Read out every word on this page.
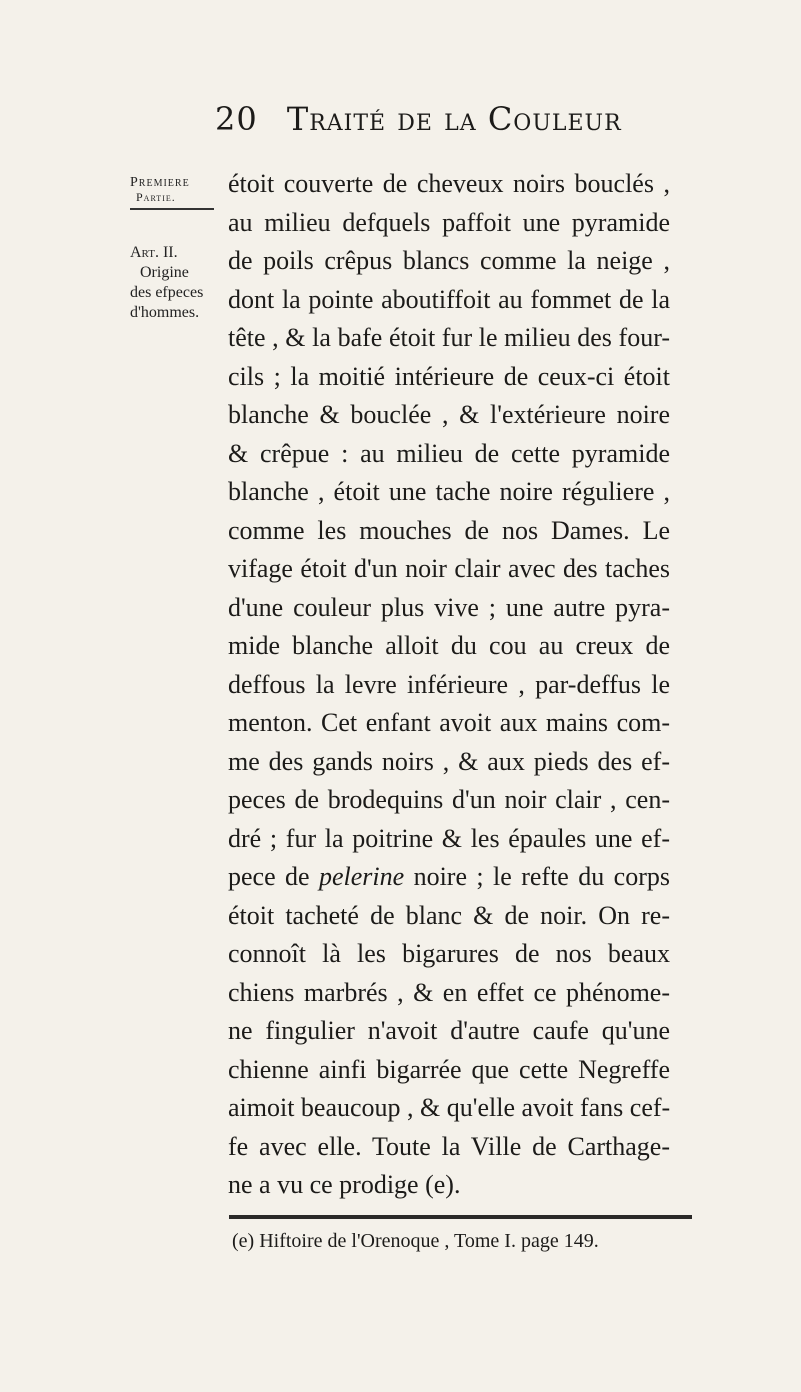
20 Traité de la Couleur
Premiere
Partie.
Art. II.
Origine
des efpeces
d'hommes.
étoit couverte de cheveux noirs bouclés ,
au milieu defquels paffoit une pyramide
de poils crêpus blancs comme la neige ,
dont la pointe aboutiffoit au fommet de la
tête , & la bafe étoit fur le milieu des four-
cils ; la moitié intérieure de ceux-ci étoit
blanche & bouclée , & l'extérieure noire
& crêpue : au milieu de cette pyramide
blanche , étoit une tache noire réguliere ,
comme les mouches de nos Dames. Le
vifage étoit d'un noir clair avec des taches
d'une couleur plus vive ; une autre pyra-
mide blanche alloit du cou au creux de
deffous la levre inférieure , par-deffus le
menton. Cet enfant avoit aux mains com-
me des gands noirs , & aux pieds des ef-
peces de brodequins d'un noir clair , cen-
dré ; fur la poitrine & les épaules une ef-
pece de pelerine noire ; le refte du corps
étoit tacheté de blanc & de noir. On re-
connoît là les bigarures de nos beaux
chiens marbrés , & en effet ce phénome-
ne fingulier n'avoit d'autre caufe qu'une
chienne ainfi bigarrée que cette Negreffe
aimoit beaucoup , & qu'elle avoit fans cef-
fe avec elle. Toute la Ville de Carthage-
ne a vu ce prodige (e).
(e) Hiftoire de l'Orenoque , Tome I. page 149.
